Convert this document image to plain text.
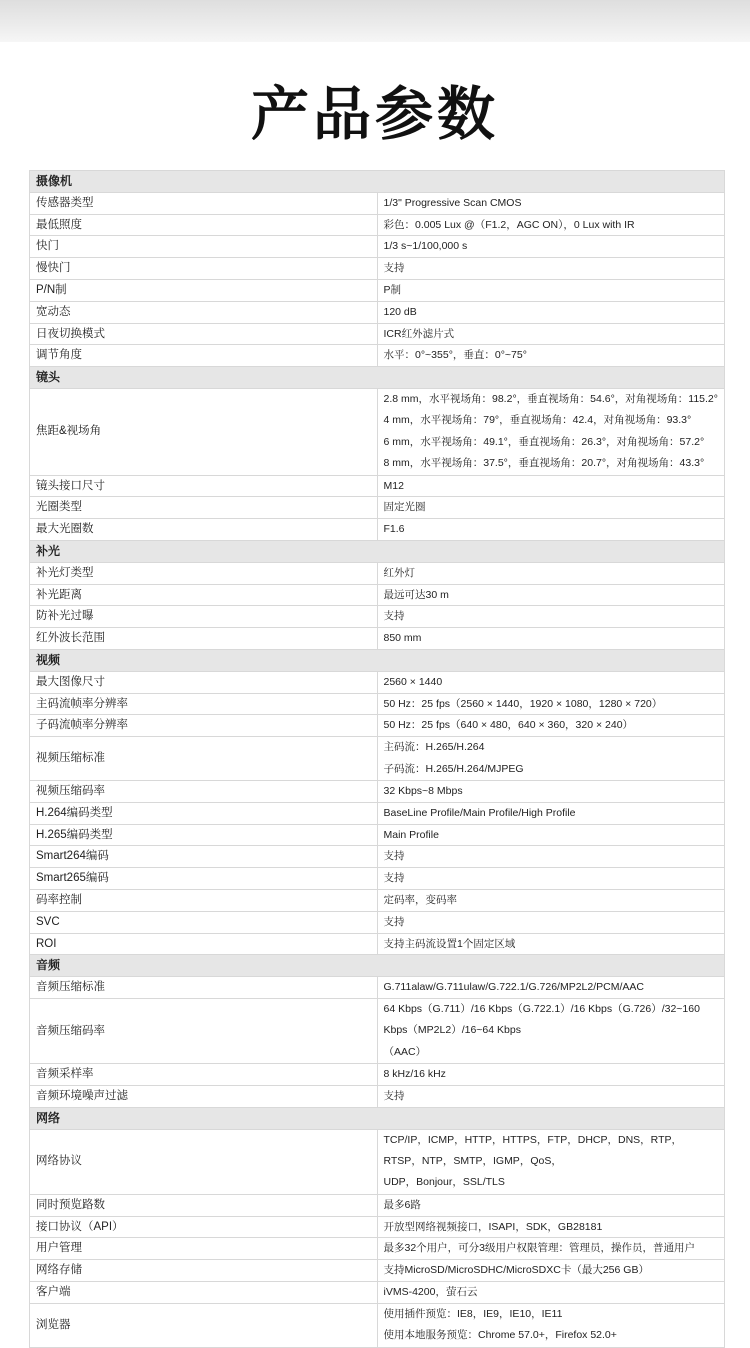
产品参数
摄像机	
传感器类型	1/3" Progressive Scan CMOS

最低照度	彩色：0.005 Lux @（F1.2，AGC ON），0 Lux with IR

快门	1/3 s~1/100,000 s

慢快门	支持

P/N制	P制

宽动态	120 dB

日夜切换模式	ICR红外滤片式

调节角度	水平：0°~355°，垂直：0°~75°

镜头	
焦距&视场角	2.8 mm，水平视场角：98.2°，垂直视场角：54.6°，对角视场角：115.2°
4 mm，水平视场角：79°，垂直视场角：42.4，对角视场角：93.3°
6 mm，水平视场角：49.1°，垂直视场角：26.3°，对角视场角：57.2°
8 mm，水平视场角：37.5°，垂直视场角：20.7°，对角视场角：43.3°

镜头接口尺寸	M12

光圈类型	固定光圈

最大光圈数	F1.6

补光	
补光灯类型	红外灯

补光距离	最远可达30 m

防补光过曝	支持

红外波长范围	850 mm

视频	
最大图像尺寸	2560 × 1440

主码流帧率分辨率	50 Hz：25 fps（2560 × 1440，1920 × 1080，1280 × 720）

子码流帧率分辨率	50 Hz：25 fps（640 × 480，640 × 360，320 × 240）

视频压缩标准	主码流：H.265/H.264
子码流：H.265/H.264/MJPEG

视频压缩码率	32 Kbps~8 Mbps

H.264编码类型	BaseLine Profile/Main Profile/High Profile

H.265编码类型	Main Profile

Smart264编码	支持

Smart265编码	支持

码率控制	定码率，变码率

SVC	支持

ROI	支持主码流设置1个固定区域

音频	
音频压缩标准	G.711alaw/G.711ulaw/G.722.1/G.726/MP2L2/PCM/AAC

音频压缩码率	64 Kbps（G.711）/16 Kbps（G.722.1）/16 Kbps（G.726）/32~160 Kbps（MP2L2）/16~64 Kbps
（AAC）

音频采样率	8 kHz/16 kHz

音频环境噪声过滤	支持

网络	
网络协议	TCP/IP，ICMP，HTTP，HTTPS，FTP，DHCP，DNS，RTP，RTSP，NTP，SMTP，IGMP，QoS，
UDP，Bonjour，SSL/TLS

同时预览路数	最多6路

接口协议（API）	开放型网络视频接口，ISAPI，SDK，GB28181

用户管理	最多32个用户，可分3级用户权限管理：管理员，操作员，普通用户

网络存储	支持MicroSD/MicroSDHC/MicroSDXC卡（最大256 GB）

客户端	iVMS-4200，萤石云

浏览器	使用插件预览：IE8，IE9，IE10，IE11
使用本地服务预览：Chrome 57.0+，Firefox 52.0+
